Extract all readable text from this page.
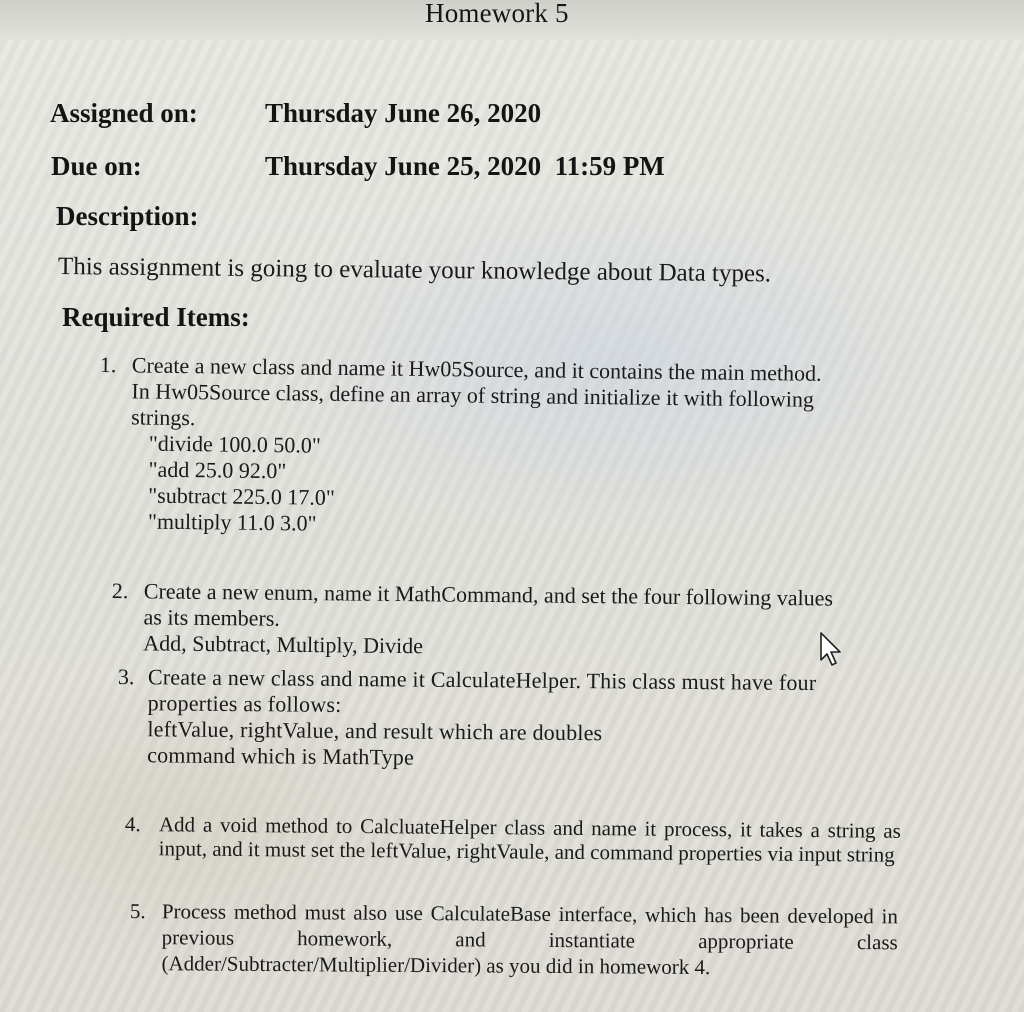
Homework 5
Assigned on: Thursday June 26, 2020
Due on:	Thursday June 25, 2020  11:59 PM
Description:
This assignment is going to evaluate your knowledge about Data types.
Required Items:
1. Create a new class and name it Hw05Source, and it contains the main method.
In Hw05Source class, define an array of string and initialize it with following
strings.
"divide 100.0 50.0"
"add 25.0 92.0"
"subtract 225.0 17.0"
"multiply 11.0 3.0"
2. Create a new enum, name it MathCommand, and set the four following values
as its members.
Add, Subtract, Multiply, Divide
3. Create a new class and name it CalculateHelper. This class must have four
properties as follows:
leftValue, rightValue, and result which are doubles
command which is MathType
4. Add a void method to CalcluateHelper class and name it process, it takes a string as input, and it must set the leftValue, rightVaule, and command properties via input string
5. Process method must also use CalculateBase interface, which has been developed in previous homework, and instantiate appropriate class (Adder/Subtracter/Multiplier/Divider) as you did in homework 4.
